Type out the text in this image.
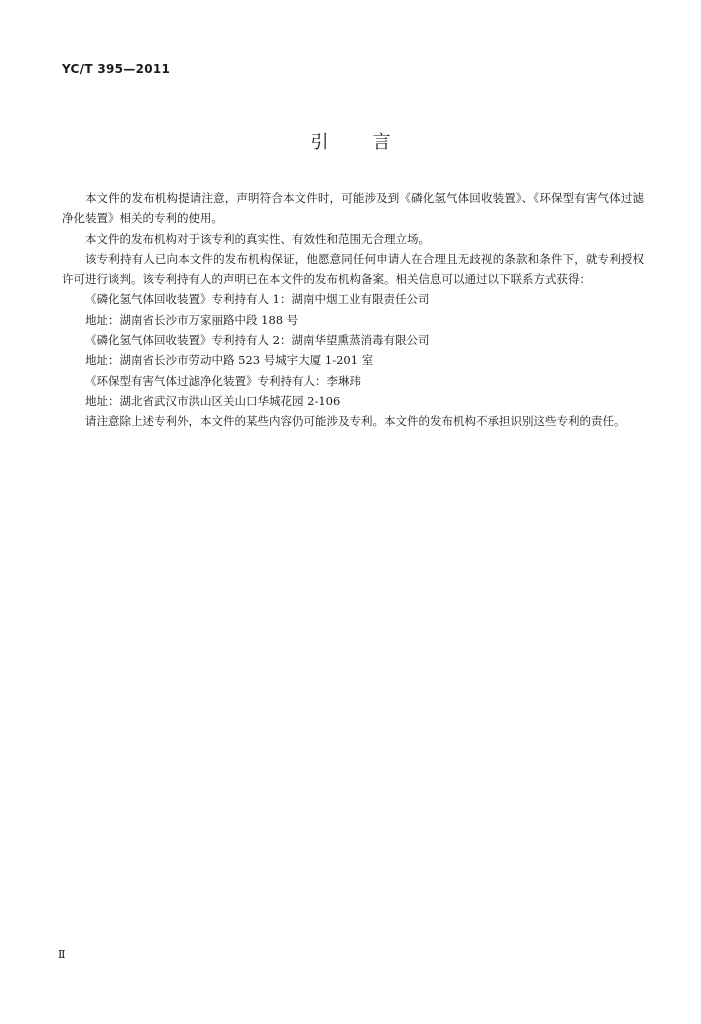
YC/T 395—2011
引言

本文件的发布机构提请注意，声明符合本文件时，可能涉及到《磷化氢气体回收装置》、《环保型有害气体过滤净化装置》相关的专利的使用。

本文件的发布机构对于该专利的真实性、有效性和范围无合理立场。

该专利持有人已向本文件的发布机构保证，他愿意同任何申请人在合理且无歧视的条款和条件下，就专利授权许可进行谈判。该专利持有人的声明已在本文件的发布机构备案。相关信息可以通过以下联系方式获得：

《磷化氢气体回收装置》专利持有人 1：湖南中烟工业有限责任公司

地址：湖南省长沙市万家丽路中段 188 号

《磷化氢气体回收装置》专利持有人 2：湖南华望熏蒸消毒有限公司

地址：湖南省长沙市劳动中路 523 号城宇大厦 1-201 室

《环保型有害气体过滤净化装置》专利持有人：李琳玮

地址：湖北省武汉市洪山区关山口华城花园 2-106

请注意除上述专利外，本文件的某些内容仍可能涉及专利。本文件的发布机构不承担识别这些专利的责任。

Ⅱ
